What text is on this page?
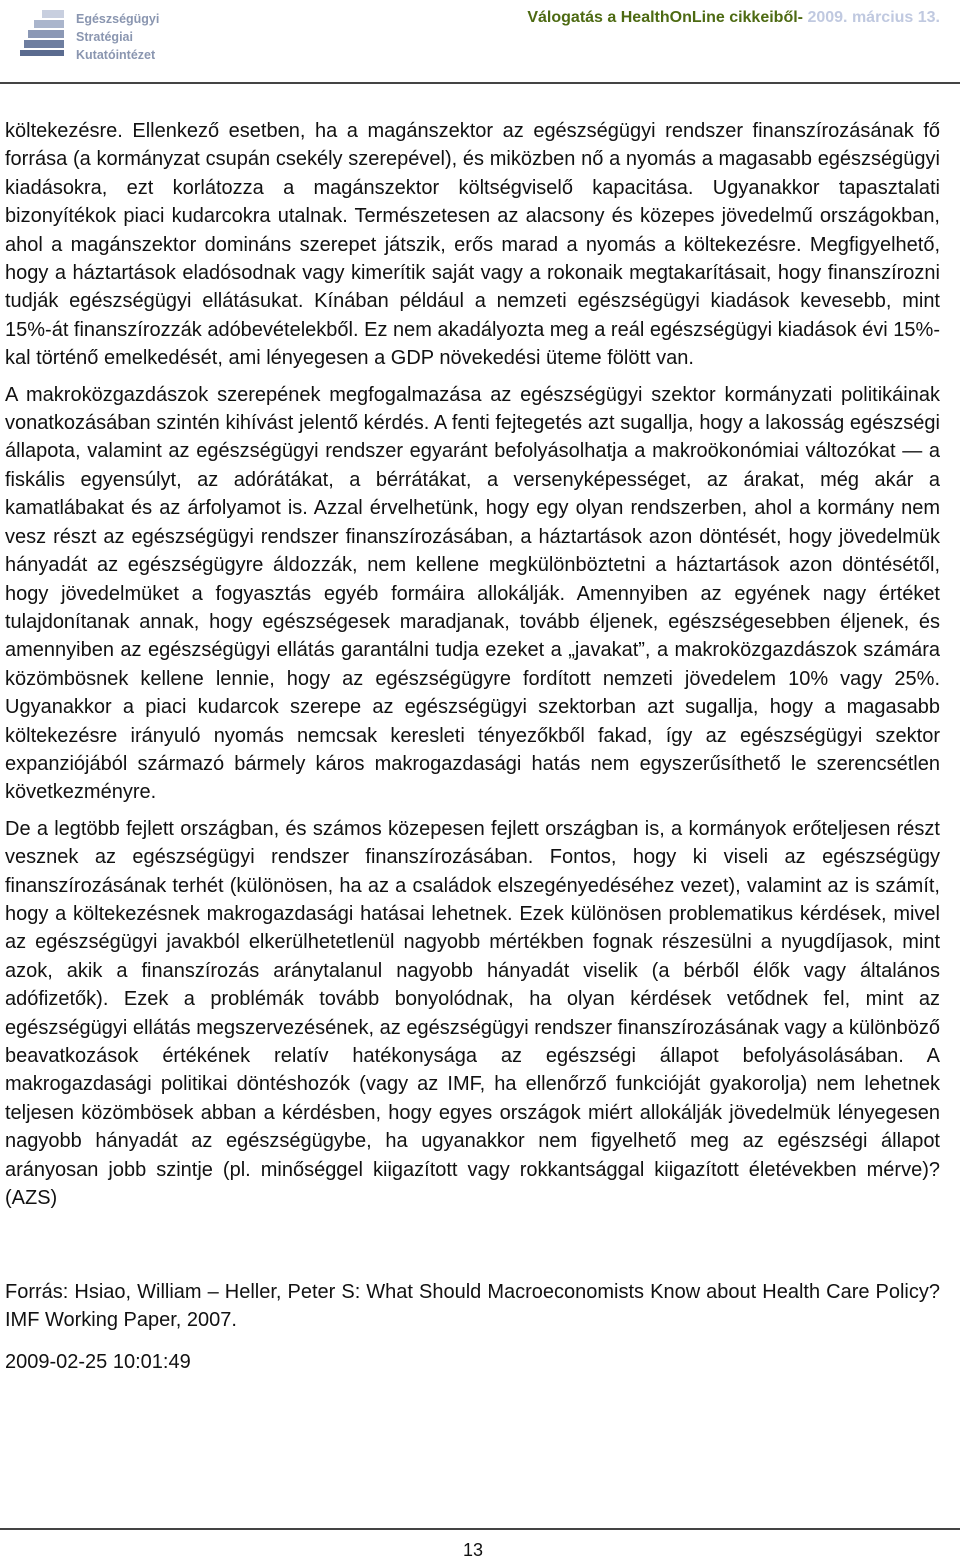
Egészségügyi
Stratégiai
Kutatóintézet
Válogatás a HealthOnLine cikkeiből- 2009. március 13.

költekezésre. Ellenkező esetben, ha a magánszektor az egészségügyi rendszer finanszírozásának fő forrása (a kormányzat csupán csekély szerepével), és miközben nő a nyomás a magasabb egészségügyi kiadásokra, ezt korlátozza a magánszektor költségviselő kapacitása. Ugyanakkor tapasztalati bizonyítékok piaci kudarcokra utalnak. Természetesen az alacsony és közepes jövedelmű országokban, ahol a magánszektor domináns szerepet játszik, erős marad a nyomás a költekezésre. Megfigyelhető, hogy a háztartások eladósodnak vagy kimerítik saját vagy a rokonaik megtakarításait, hogy finanszírozni tudják egészségügyi ellátásukat. Kínában például a nemzeti egészségügyi kiadások kevesebb, mint 15%-át finanszírozzák adóbevételekből. Ez nem akadályozta meg a reál egészségügyi kiadások évi 15%-kal történő emelkedését, ami lényegesen a GDP növekedési üteme fölött van.

A makroközgazdászok szerepének megfogalmazása az egészségügyi szektor kormányzati politikáinak vonatkozásában szintén kihívást jelentő kérdés. A fenti fejtegetés azt sugallja, hogy a lakosság egészségi állapota, valamint az egészségügyi rendszer egyaránt befolyásolhatja a makroökonómiai változókat — a fiskális egyensúlyt, az adórátákat, a bérrátákat, a versenyképességet, az árakat, még akár a kamatlábakat és az árfolyamot is. Azzal érvelhetünk, hogy egy olyan rendszerben, ahol a kormány nem vesz részt az egészségügyi rendszer finanszírozásában, a háztartások azon döntését, hogy jövedelmük hányadát az egészségügyre áldozzák, nem kellene megkülönböztetni a háztartások azon döntésétől, hogy jövedelmüket a fogyasztás egyéb formáira allokálják. Amennyiben az egyének nagy értéket tulajdonítanak annak, hogy egészségesek maradjanak, tovább éljenek, egészségesebben éljenek, és amennyiben az egészségügyi ellátás garantálni tudja ezeket a „javakat”, a makroközgazdászok számára közömbösnek kellene lennie, hogy az egészségügyre fordított nemzeti jövedelem 10% vagy 25%. Ugyanakkor a piaci kudarcok szerepe az egészségügyi szektorban azt sugallja, hogy a magasabb költekezésre irányuló nyomás nemcsak keresleti tényezőkből fakad, így az egészségügyi szektor expanziójából származó bármely káros makrogazdasági hatás nem egyszerűsíthető le szerencsétlen következményre.

De a legtöbb fejlett országban, és számos közepesen fejlett országban is, a kormányok erőteljesen részt vesznek az egészségügyi rendszer finanszírozásában. Fontos, hogy ki viseli az egészségügy finanszírozásának terhét (különösen, ha az a családok elszegényedéséhez vezet), valamint az is számít, hogy a költekezésnek makrogazdasági hatásai lehetnek. Ezek különösen problematikus kérdések, mivel az egészségügyi javakból elkerülhetetlenül nagyobb mértékben fognak részesülni a nyugdíjasok, mint azok, akik a finanszírozás aránytalanul nagyobb hányadát viselik (a bérből élők vagy általános adófizetők). Ezek a problémák tovább bonyolódnak, ha olyan kérdések vetődnek fel, mint az egészségügyi ellátás megszervezésének, az egészségügyi rendszer finanszírozásának vagy a különböző beavatkozások értékének relatív hatékonysága az egészségi állapot befolyásolásában. A makrogazdasági politikai döntéshozók (vagy az IMF, ha ellenőrző funkcióját gyakorolja) nem lehetnek teljesen közömbösek abban a kérdésben, hogy egyes országok miért allokálják jövedelmük lényegesen nagyobb hányadát az egészségügybe, ha ugyanakkor nem figyelhető meg az egészségi állapot arányosan jobb szintje (pl. minőséggel kiigazított vagy rokkantsággal kiigazított életévekben mérve)?(AZS)

Forrás: Hsiao, William – Heller, Peter S: What Should Macroeconomists Know about Health Care Policy? IMF Working Paper, 2007.
2009-02-25 10:01:49
13
